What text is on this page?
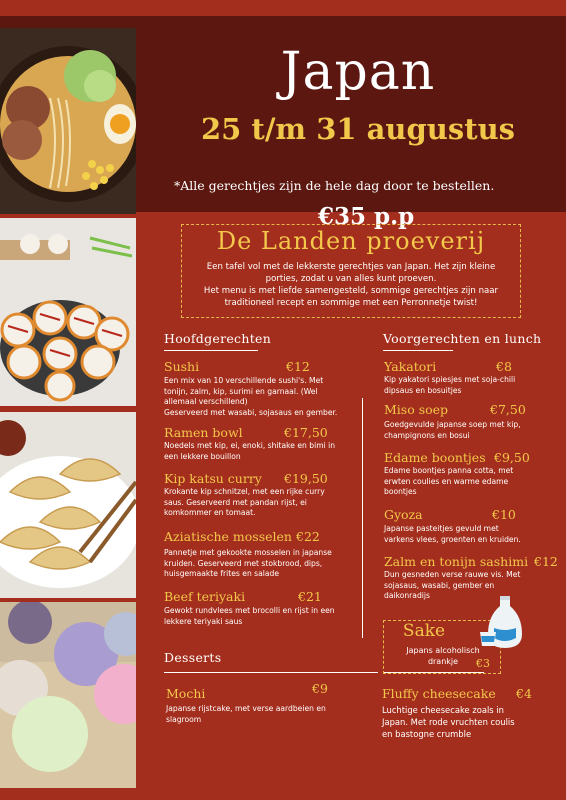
Japan
25 t/m 31 augustus
*Alle gerechtjes zijn de hele dag door te bestellen.
€35 p.p
De Landen proeverij
Een tafel vol met de lekkerste gerechtjes van Japan. Het zijn kleine
porties, zodat u van alles kunt proeven.
Het menu is met liefde samengesteld, sommige gerechtjes zijn naar
traditioneel recept en sommige met een Perronnetje twist!
Hoofdgerechten
Sushi	€12
Een mix van 10 verschillende sushi's. Met
tonijn, zalm, kip, surimi en garnaal. (Wel
allemaal verschillend)
Geserveerd met wasabi, sojasaus en gember.
Ramen bowl	€17,50
Noedels met kip, ei, enoki, shitake en bimi in
een lekkere bouillon
Kip katsu curry €19,50
Krokante kip schnitzel, met een rijke curry
saus. Geserveerd met pandan rijst, ei
komkommer en tomaat.
Aziatische mosselen €22
Pannetje met gekookte mosselen in japanse
kruiden. Geserveerd met stokbrood, dips,
huisgemaakte frites en salade
Beef teriyaki	€21
Gewokt rundvlees met brocolli en rijst in een
lekkere teriyaki saus
Voorgerechten en lunch
Yakatori	€8
Kip yakatori spiesjes met soja-chili
dipsaus en bosuitjes
Miso soep	€7,50
Goedgevulde japanse soep met kip,
champignons en bosui
Edame boontjes €9,50
Edame boontjes panna cotta, met
erwten coulies en warme edame
boontjes
Gyoza	€10
Japanse pasteitjes gevuld met
varkens vlees, groenten en kruiden.
Zalm en tonijn sashimi €12
Dun gesneden verse rauwe vis. Met
sojasaus, wasabi, gember en
daikonradijs
Sake
Japans alcoholisch
drankje	€3
Desserts
Mochi	€9
Japanse rijstcake, met verse aardbeien en
slagroom
Fluffy cheesecake €4
Luchtige cheesecake zoals in
Japan. Met rode vruchten coulis
en bastogne crumble
